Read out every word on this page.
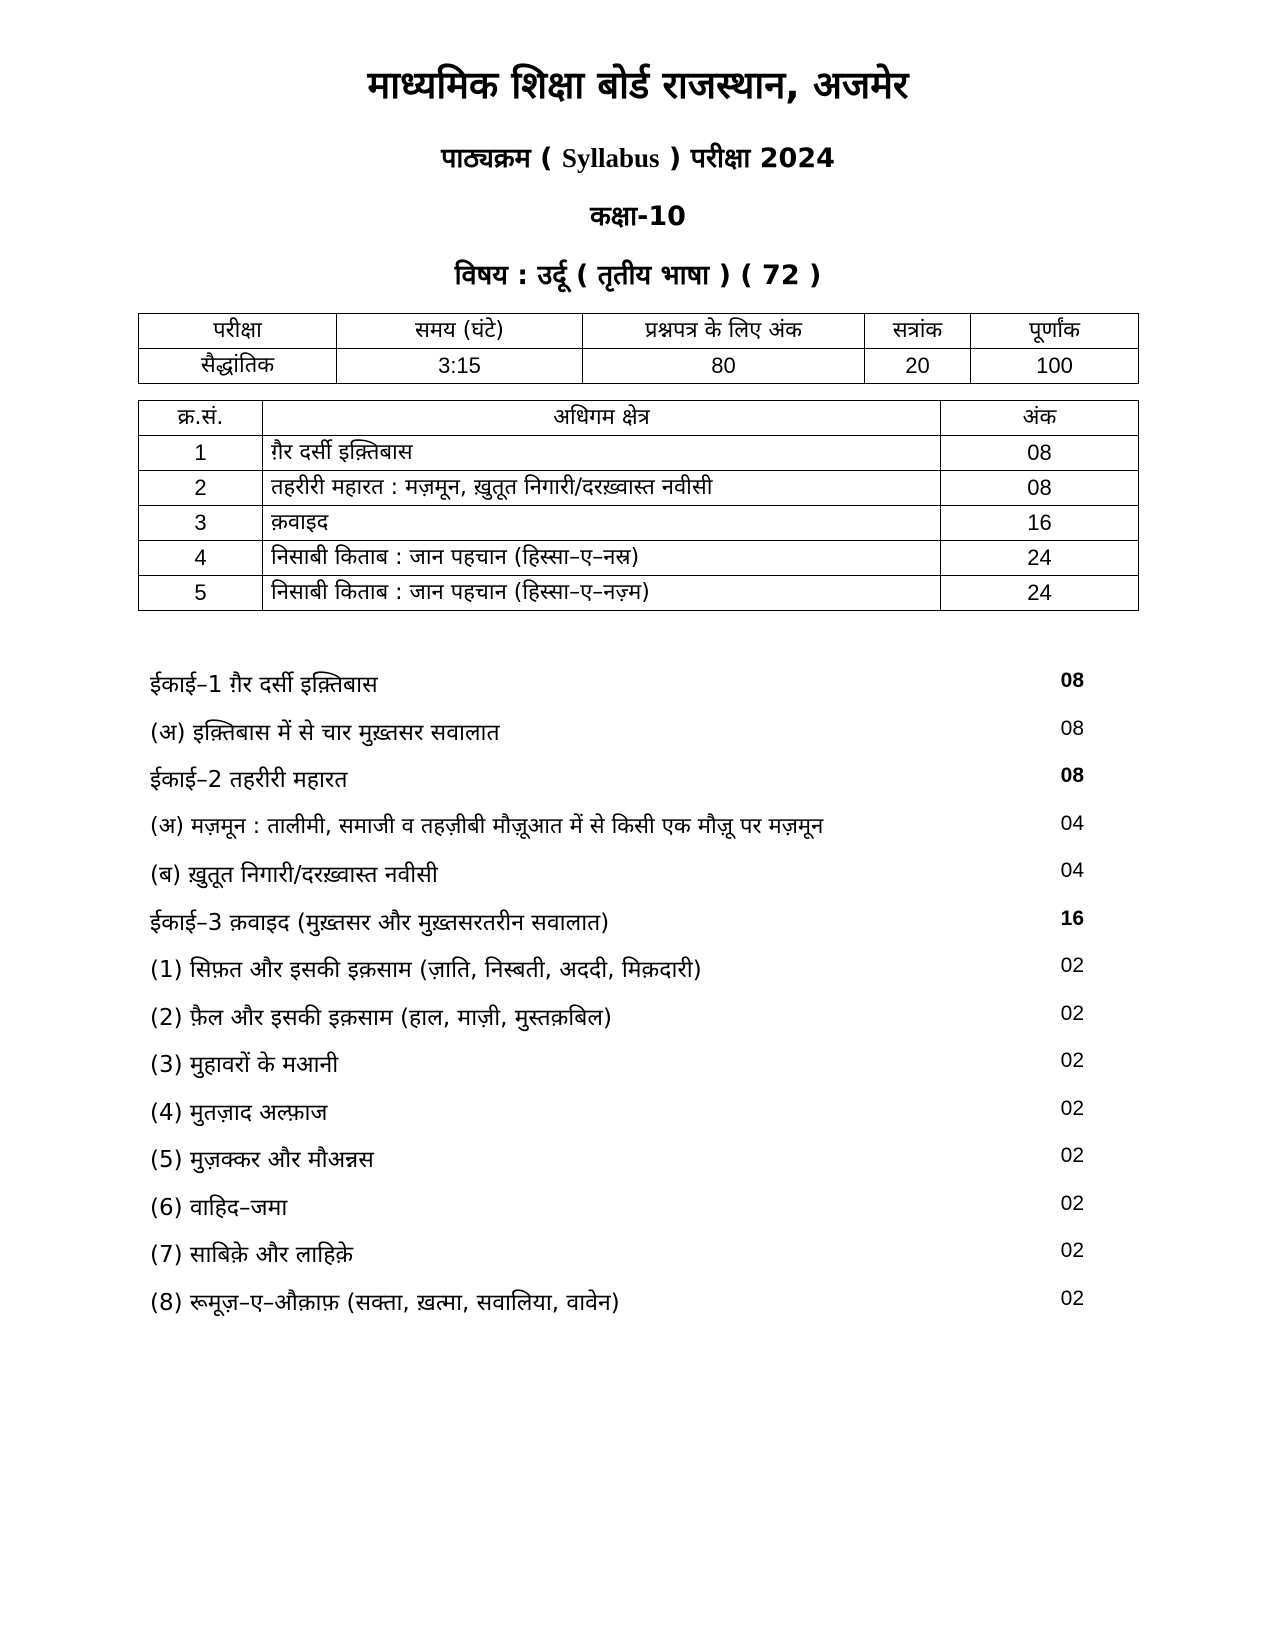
माध्यमिक शिक्षा बोर्ड राजस्थान, अजमेर
पाठ्यक्रम ( Syllabus ) परीक्षा 2024
कक्षा-10
विषय : उर्दू ( तृतीय भाषा ) ( 72 )
परीक्षा	समय (घंटे)	प्रश्नपत्र के लिए अंक	सत्रांक	पूर्णांक
सैद्धांतिक	3:15	80	20	100
क्र.सं.	अधिगम क्षेत्र	अंक
1	ग़ैर दर्सी इक़्तिबास	08
2	तहरीरी महारत : मज़मून, ख़ुतूत निगारी/दरख़्वास्त नवीसी	08
3	क़वाइद	16
4	निसाबी किताब : जान पहचान (हिस्सा–ए–नस्र)	24
5	निसाबी किताब : जान पहचान (हिस्सा–ए–नज़्म)	24
ईकाई–1 ग़ैर दर्सी इक़्तिबास	08
(अ) इक़्तिबास में से चार मुख़्तसर सवालात	08
ईकाई–2 तहरीरी महारत	08
(अ) मज़मून : तालीमी, समाजी व तहज़ीबी मौज़ूआत में से किसी एक मौज़ू पर मज़मून	04
(ब) ख़ुतूत निगारी/दरख़्वास्त नवीसी	04
ईकाई–3 क़वाइद (मुख़्तसर और मुख़्तसरतरीन सवालात)	16
(1) सिफ़त और इसकी इक़साम (ज़ाति, निस्बती, अददी, मिक़दारी)	02
(2) फ़ैल और इसकी इक़साम (हाल, माज़ी, मुस्तक़बिल)	02
(3) मुहावरों के मआनी	02
(4) मुतज़ाद अल्फ़ाज	02
(5) मुज़क्कर और मौअन्नस	02
(6) वाहिद–जमा	02
(7) साबिक़े और लाहिक़े	02
(8) रूमूज़–ए–औक़ाफ़ (सक्ता, ख़त्मा, सवालिया, वावेन)	02
